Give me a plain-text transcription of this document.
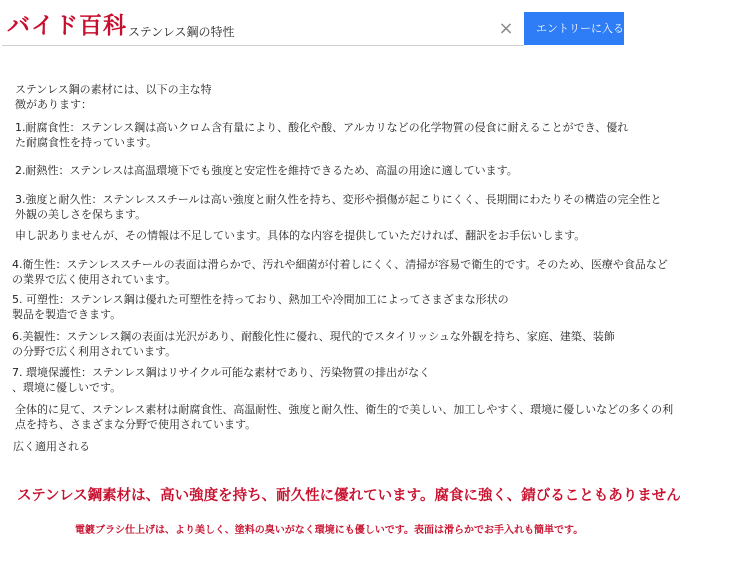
バイド百科 ステンレス鋼の特性	×	エントリーに入る
ステンレス鋼の素材には、以下の主な特
徴があります：
1.耐腐食性：ステンレス鋼は高いクロム含有量により、酸化や酸、アルカリなどの化学物質の侵食に耐えることができ、優れ
た耐腐食性を持っています。
2.耐熱性：ステンレスは高温環境下でも強度と安定性を維持できるため、高温の用途に適しています。
3.強度と耐久性：ステンレススチールは高い強度と耐久性を持ち、変形や損傷が起こりにくく、長期間にわたりその構造の完全性と
外観の美しさを保ちます。
申し訳ありませんが、その情報は不足しています。具体的な内容を提供していただければ、翻訳をお手伝いします。
4.衛生性：ステンレススチールの表面は滑らかで、汚れや細菌が付着しにくく、清掃が容易で衛生的です。そのため、医療や食品など
の業界で広く使用されています。
5. 可塑性：ステンレス鋼は優れた可塑性を持っており、熱加工や冷間加工によってさまざまな形状の
製品を製造できます。
6.美観性：ステンレス鋼の表面は光沢があり、耐酸化性に優れ、現代的でスタイリッシュな外観を持ち、家庭、建築、装飾
の分野で広く利用されています。
7. 環境保護性：ステンレス鋼はリサイクル可能な素材であり、汚染物質の排出がなく
、環境に優しいです。
全体的に見て、ステンレス素材は耐腐食性、高温耐性、強度と耐久性、衛生的で美しい、加工しやすく、環境に優しいなどの多くの利
点を持ち、さまざまな分野で使用されています。
広く適用される
ステンレス鋼素材は、高い強度を持ち、耐久性に優れています。腐食に強く、錆びることもありません
電鍍ブラシ仕上げは、より美しく、塗料の臭いがなく環境にも優しいです。表面は滑らかでお手入れも簡単です。
